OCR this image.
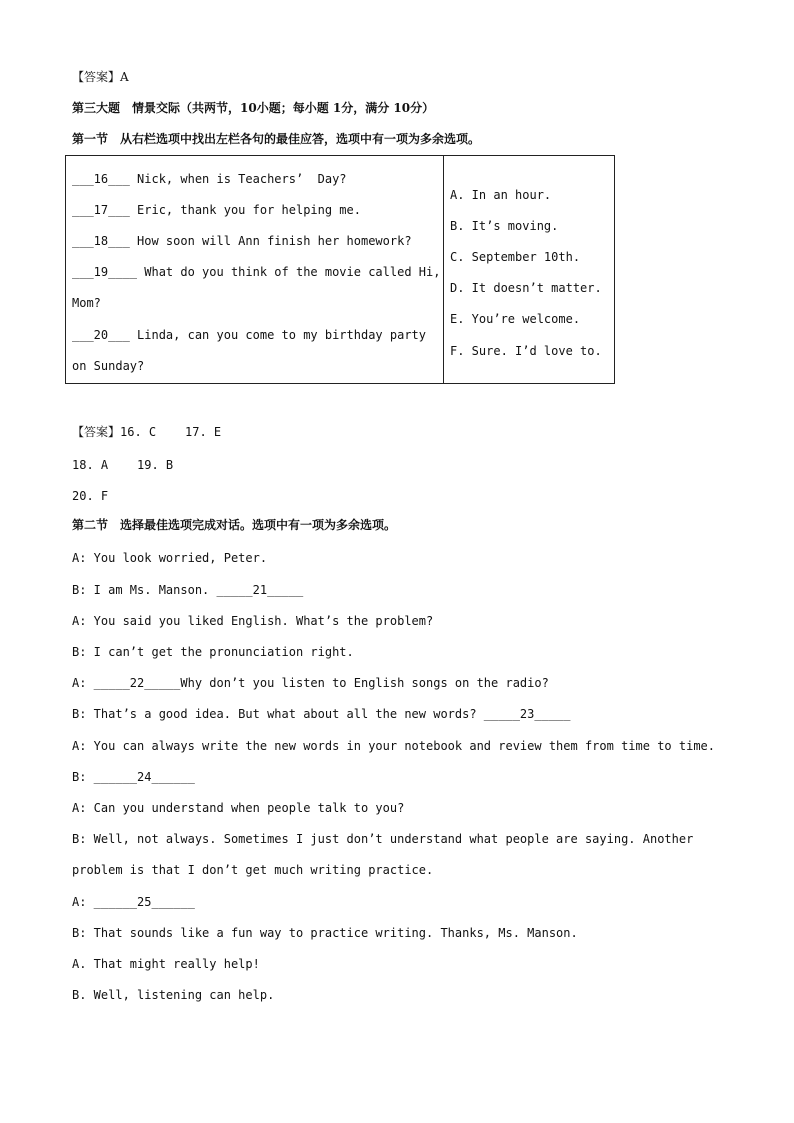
【答案】A
第三大题　情景交际（共两节，10小题；每小题 1分，满分 10分）
第一节　从右栏选项中找出左栏各句的最佳应答，选项中有一项为多余选项。
___16___ Nick, when is Teachers’  Day?
___17___ Eric, thank you for helping me.
___18___ How soon will Ann finish her homework?
___19____ What do you think of the movie called Hi,
Mom?
___20___ Linda, can you come to my birthday party
on Sunday?

A. In an hour.
B. It’s moving.
C. September 10th.
D. It doesn’t matter.
E. You’re welcome.
F. Sure. I’d love to.
【答案】16. C    17. E
18. A    19. B
20. F
第二节　选择最佳选项完成对话。选项中有一项为多余选项。
A: You look worried, Peter.
B: I am Ms. Manson. _____21_____
A: You said you liked English. What’s the problem?
B: I can’t get the pronunciation right.
A: _____22_____Why don’t you listen to English songs on the radio?
B: That’s a good idea. But what about all the new words? _____23_____
A: You can always write the new words in your notebook and review them from time to time.
B: ______24______
A: Can you understand when people talk to you?
B: Well, not always. Sometimes I just don’t understand what people are saying. Another
problem is that I don’t get much writing practice.
A: ______25______
B: That sounds like a fun way to practice writing. Thanks, Ms. Manson.
A. That might really help!
B. Well, listening can help.
